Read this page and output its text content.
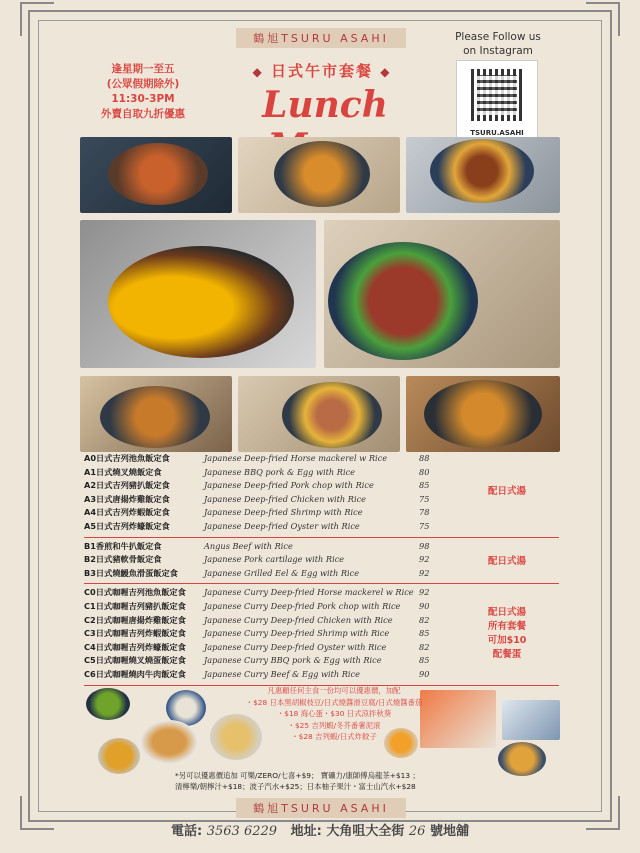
鶴旭TSURU ASAHI
逢星期一至五
(公眾假期除外)
11:30-3PM
外賣自取九折優惠
◆ 日式午市套餐 ◆
Lunch
Please Follow us
on Instagram
TSURU.ASAHI
A0日式吉列池魚飯定食	Japanese Deep-fried Horse mackerel w Rice	88
A1日式燒叉燒飯定食	Japanese BBQ pork & Egg with Rice	80
A2日式吉列豬扒飯定食	Japanese Deep-fried Pork chop with Rice	85
A3日式唐揚炸雞飯定食	Japanese Deep-fried Chicken with Rice	75
A4日式吉列炸蝦飯定食	Japanese Deep-fried Shrimp with Rice	78
A5日式吉列炸蠔飯定食	Japanese Deep-fried Oyster with Rice	75
B1香煎和牛扒飯定食	Angus Beef with Rice	98
B2日式豬軟骨飯定食	Japanese Pork cartilage with Rice	92
B3日式燒鰻魚滑蛋飯定食	Japanese Grilled Eel & Egg with Rice	92
C0日式咖喱吉列池魚飯定食	Japanese Curry Deep-fried Horse mackerel w Rice 92
C1日式咖喱吉列豬扒飯定食	Japanese Curry Deep-fried Pork chop with Rice	90
C2日式咖喱唐揚炸雞飯定食	Japanese Curry Deep-fried Chicken with Rice	82
C3日式咖喱吉列炸蝦飯定食	Japanese Curry Deep-fried Shrimp with Rice	85
C4日式咖喱吉列炸蠔飯定食	Japanese Curry Deep-fried Oyster with Rice	82
C5日式咖喱燒叉燒蛋飯定食	Japanese Curry BBQ pork & Egg with Rice	85
C6日式咖喱燒肉牛肉飯定食	Japanese Curry Beef & Egg with Rice	90
配日式湯
配日式湯
配日式湯
所有套餐
可加$10
配餐蛋
凡惠顧任何主食一份均可以優惠價，加配
・$28 日本黑胡椒枝豆/日式燒醬滑豆腐/日式燒醬番茄
・$18 海心蛋・$30 日式涼拌秋葵
・$25 吉列蝦/冬芥番薯泥滾
・$28 吉列蝦/日式炸餃子
*另可以優惠價追加 可樂/ZERO/七喜+$9； 寶礦力/康師傅烏龍茶+$13 ；
清檸樂/朝檸汁+$18；波子汽水+$25；日本柚子果汁・富士山汽水+$28
鶴旭TSURU ASAHI
電話: 3563 6229 地址: 大角咀大全街 26 號地舖
